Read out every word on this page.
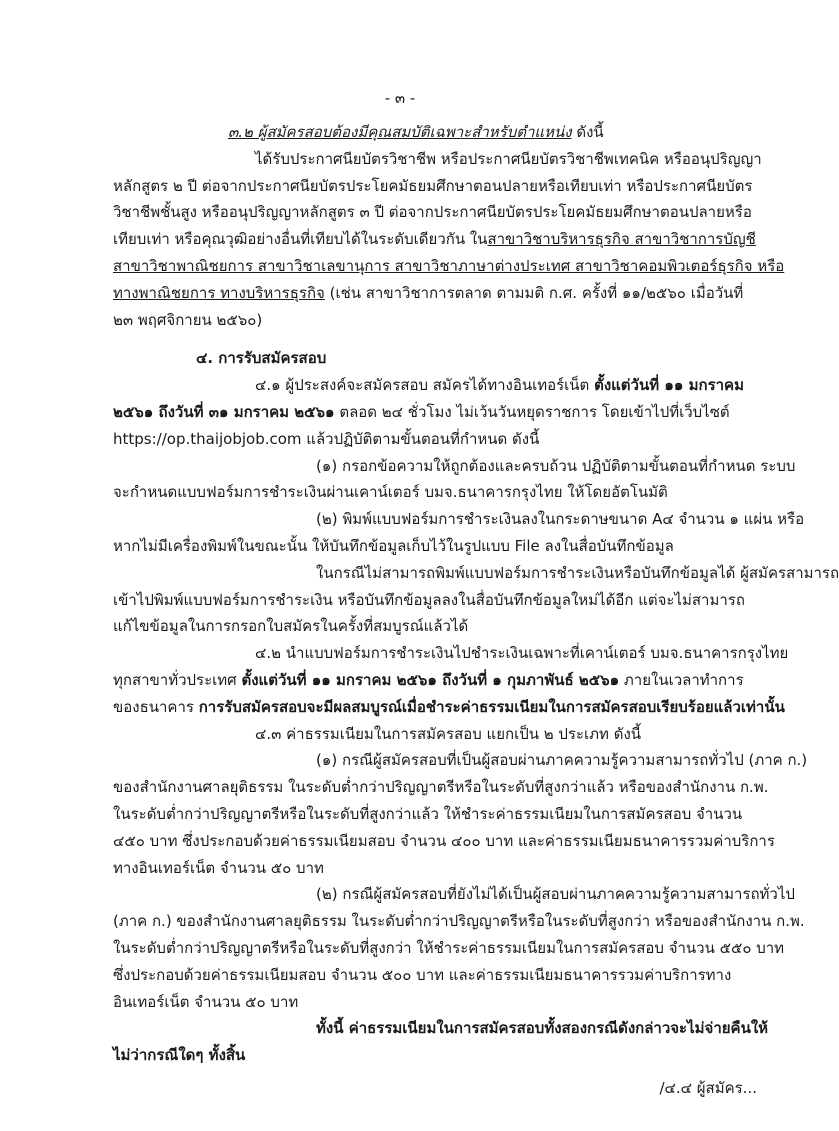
- ๓ -
๓.๒ ผู้สมัครสอบต้องมีคุณสมบัติเฉพาะสำหรับตำแหน่ง ดังนี้
ได้รับประกาศนียบัตรวิชาชีพ หรือประกาศนียบัตรวิชาชีพเทคนิค หรืออนุปริญญา
หลักสูตร ๒ ปี ต่อจากประกาศนียบัตรประโยคมัธยมศึกษาตอนปลายหรือเทียบเท่า หรือประกาศนียบัตร
วิชาชีพชั้นสูง หรืออนุปริญญาหลักสูตร ๓ ปี ต่อจากประกาศนียบัตรประโยคมัธยมศึกษาตอนปลายหรือ
เทียบเท่า หรือคุณวุฒิอย่างอื่นที่เทียบได้ในระดับเดียวกัน ในสาขาวิชาบริหารธุรกิจ สาขาวิชาการบัญชี
สาขาวิชาพาณิชยการ สาขาวิชาเลขานุการ สาขาวิชาภาษาต่างประเทศ สาขาวิชาคอมพิวเตอร์ธุรกิจ หรือ
ทางพาณิชยการ ทางบริหารธุรกิจ (เช่น สาขาวิชาการตลาด ตามมติ ก.ศ. ครั้งที่ ๑๑/๒๕๖๐ เมื่อวันที่
๒๓ พฤศจิกายน ๒๕๖๐)
๔. การรับสมัครสอบ
๔.๑ ผู้ประสงค์จะสมัครสอบ สมัครได้ทางอินเทอร์เน็ต ตั้งแต่วันที่ ๑๑ มกราคม
๒๕๖๑ ถึงวันที่ ๓๑ มกราคม ๒๕๖๑ ตลอด ๒๔ ชั่วโมง ไม่เว้นวันหยุดราชการ โดยเข้าไปที่เว็บไซต์
https://op.thaijobjob.com แล้วปฏิบัติตามขั้นตอนที่กำหนด ดังนี้
(๑) กรอกข้อความให้ถูกต้องและครบถ้วน ปฏิบัติตามขั้นตอนที่กำหนด ระบบ
จะกำหนดแบบฟอร์มการชำระเงินผ่านเคาน์เตอร์ บมจ.ธนาคารกรุงไทย ให้โดยอัตโนมัติ
(๒) พิมพ์แบบฟอร์มการชำระเงินลงในกระดาษขนาด A๔ จำนวน ๑ แผ่น หรือ
หากไม่มีเครื่องพิมพ์ในขณะนั้น ให้บันทึกข้อมูลเก็บไว้ในรูปแบบ File ลงในสื่อบันทึกข้อมูล
ในกรณีไม่สามารถพิมพ์แบบฟอร์มการชำระเงินหรือบันทึกข้อมูลได้ ผู้สมัครสามารถ
เข้าไปพิมพ์แบบฟอร์มการชำระเงิน หรือบันทึกข้อมูลลงในสื่อบันทึกข้อมูลใหม่ได้อีก แต่จะไม่สามารถ
แก้ไขข้อมูลในการกรอกใบสมัครในครั้งที่สมบูรณ์แล้วได้
๔.๒ นำแบบฟอร์มการชำระเงินไปชำระเงินเฉพาะที่เคาน์เตอร์ บมจ.ธนาคารกรุงไทย
ทุกสาขาทั่วประเทศ ตั้งแต่วันที่ ๑๑ มกราคม ๒๕๖๑ ถึงวันที่ ๑ กุมภาพันธ์ ๒๕๖๑ ภายในเวลาทำการ
ของธนาคาร การรับสมัครสอบจะมีผลสมบูรณ์เมื่อชำระค่าธรรมเนียมในการสมัครสอบเรียบร้อยแล้วเท่านั้น
๔.๓ ค่าธรรมเนียมในการสมัครสอบ แยกเป็น ๒ ประเภท ดังนี้
(๑) กรณีผู้สมัครสอบที่เป็นผู้สอบผ่านภาคความรู้ความสามารถทั่วไป (ภาค ก.)
ของสำนักงานศาลยุติธรรม ในระดับต่ำกว่าปริญญาตรีหรือในระดับที่สูงกว่าแล้ว หรือของสำนักงาน ก.พ.
ในระดับต่ำกว่าปริญญาตรีหรือในระดับที่สูงกว่าแล้ว ให้ชำระค่าธรรมเนียมในการสมัครสอบ จำนวน
๔๕๐ บาท ซึ่งประกอบด้วยค่าธรรมเนียมสอบ จำนวน ๔๐๐ บาท และค่าธรรมเนียมธนาคารรวมค่าบริการ
ทางอินเทอร์เน็ต จำนวน ๕๐ บาท
(๒) กรณีผู้สมัครสอบที่ยังไม่ได้เป็นผู้สอบผ่านภาคความรู้ความสามารถทั่วไป
(ภาค ก.) ของสำนักงานศาลยุติธรรม ในระดับต่ำกว่าปริญญาตรีหรือในระดับที่สูงกว่า หรือของสำนักงาน ก.พ.
ในระดับต่ำกว่าปริญญาตรีหรือในระดับที่สูงกว่า ให้ชำระค่าธรรมเนียมในการสมัครสอบ จำนวน ๕๕๐ บาท
ซึ่งประกอบด้วยค่าธรรมเนียมสอบ จำนวน ๕๐๐ บาท และค่าธรรมเนียมธนาคารรวมค่าบริการทาง
อินเทอร์เน็ต จำนวน ๕๐ บาท
ทั้งนี้ ค่าธรรมเนียมในการสมัครสอบทั้งสองกรณีดังกล่าวจะไม่จ่ายคืนให้
ไม่ว่ากรณีใดๆ ทั้งสิ้น
/๔.๔ ผู้สมัคร...
